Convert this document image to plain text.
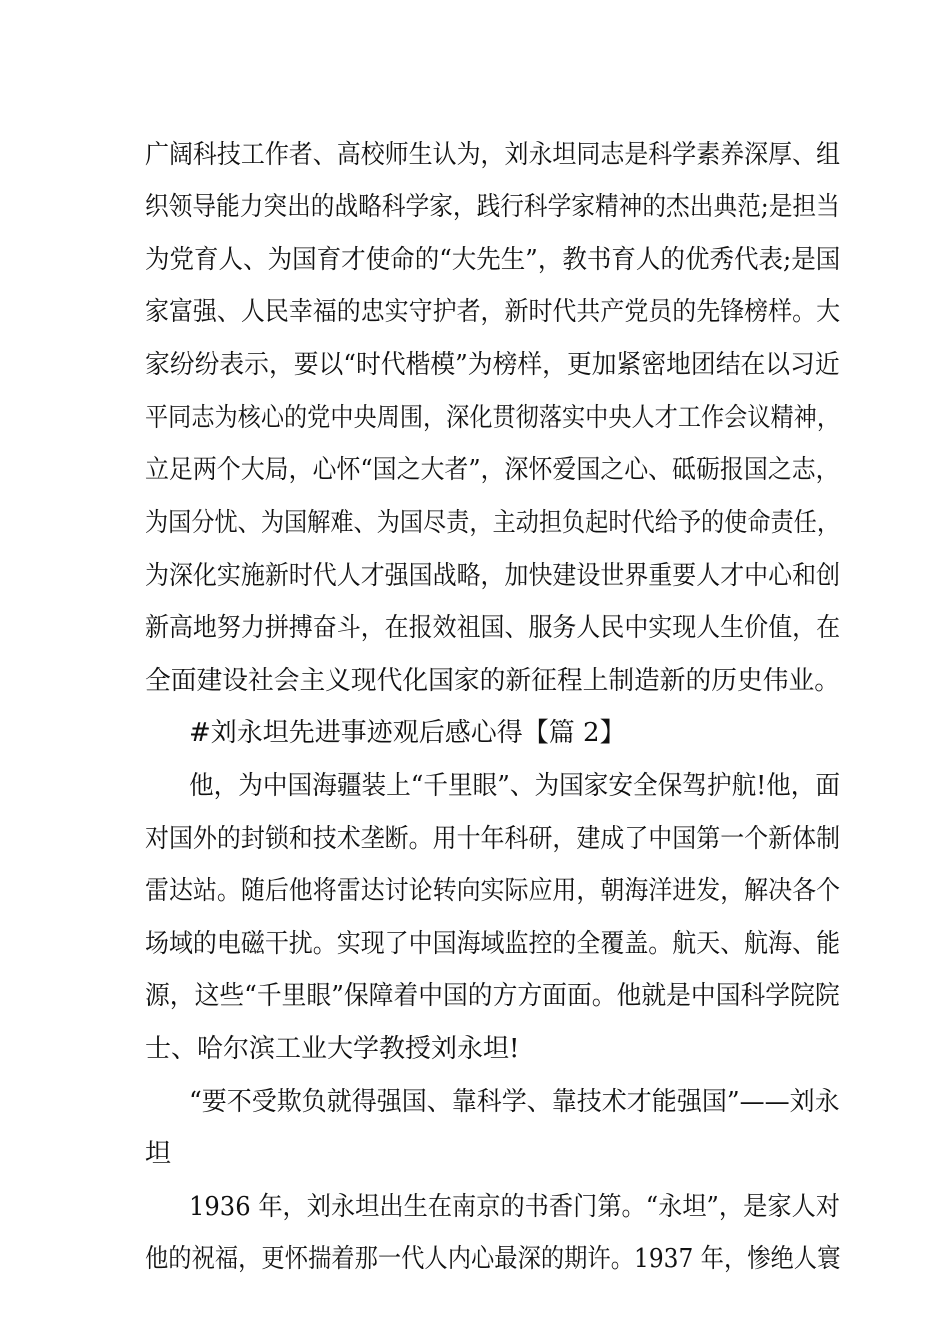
广阔科技工作者、高校师生认为，刘永坦同志是科学素养深厚、组
织领导能力突出的战略科学家，践行科学家精神的杰出典范;是担当
为党育人、为国育才使命的“大先生”，教书育人的优秀代表;是国
家富强、人民幸福的忠实守护者，新时代共产党员的先锋榜样。大
家纷纷表示，要以“时代楷模”为榜样，更加紧密地团结在以习近
平同志为核心的党中央周围，深化贯彻落实中央人才工作会议精神，
立足两个大局，心怀“国之大者”，深怀爱国之心、砥砺报国之志，
为国分忧、为国解难、为国尽责，主动担负起时代给予的使命责任，
为深化实施新时代人才强国战略，加快建设世界重要人才中心和创
新高地努力拼搏奋斗，在报效祖国、服务人民中实现人生价值，在
全面建设社会主义现代化国家的新征程上制造新的历史伟业。
#刘永坦先进事迹观后感心得【篇 2】
他，为中国海疆装上“千里眼”、为国家安全保驾护航!他，面
对国外的封锁和技术垄断。用十年科研，建成了中国第一个新体制
雷达站。随后他将雷达讨论转向实际应用，朝海洋进发，解决各个
场域的电磁干扰。实现了中国海域监控的全覆盖。航天、航海、能
源，这些“千里眼”保障着中国的方方面面。他就是中国科学院院
士、哈尔滨工业大学教授刘永坦!
“要不受欺负就得强国、靠科学、靠技术才能强国”——刘永
坦
1936 年，刘永坦出生在南京的书香门第。“永坦”，是家人对
他的祝福，更怀揣着那一代人内心最深的期许。1937 年，惨绝人寰
